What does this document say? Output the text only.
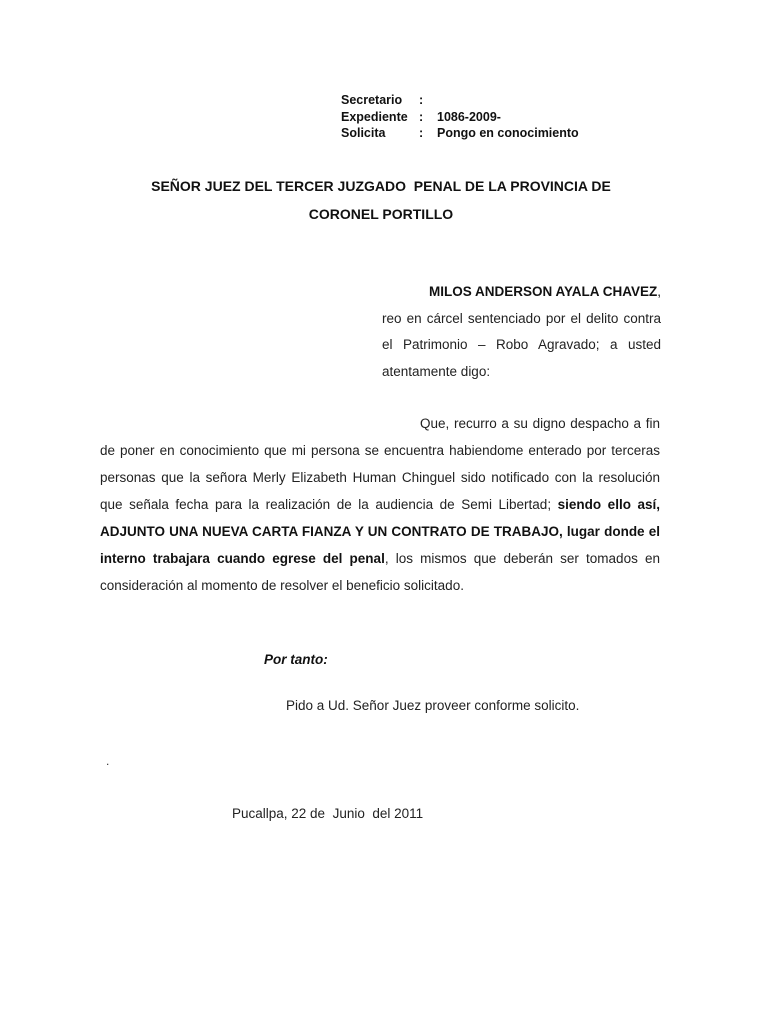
Secretario :
Expediente : 1086-2009-
Solicita	: Pongo en conocimiento
SEÑOR JUEZ DEL TERCER JUZGADO  PENAL DE LA PROVINCIA DE
CORONEL PORTILLO
MILOS ANDERSON AYALA CHAVEZ,
reo en cárcel sentenciado por el delito contra el Patrimonio – Robo Agravado; a usted atentamente digo:
Que, recurro a su digno despacho a fin de poner en conocimiento que mi persona se encuentra habiendome enterado por terceras personas que la señora Merly Elizabeth Human Chinguel sido notificado con la resolución que señala fecha para la realización de la audiencia de Semi Libertad; siendo ello así, ADJUNTO UNA NUEVA CARTA FIANZA Y UN CONTRATO DE TRABAJO, lugar donde el interno trabajara cuando egrese del penal, los mismos que deberán ser tomados en consideración al momento de resolver el beneficio solicitado.
Por tanto:
Pido a Ud. Señor Juez proveer conforme solicito.
.
Pucallpa, 22 de  Junio  del 2011
